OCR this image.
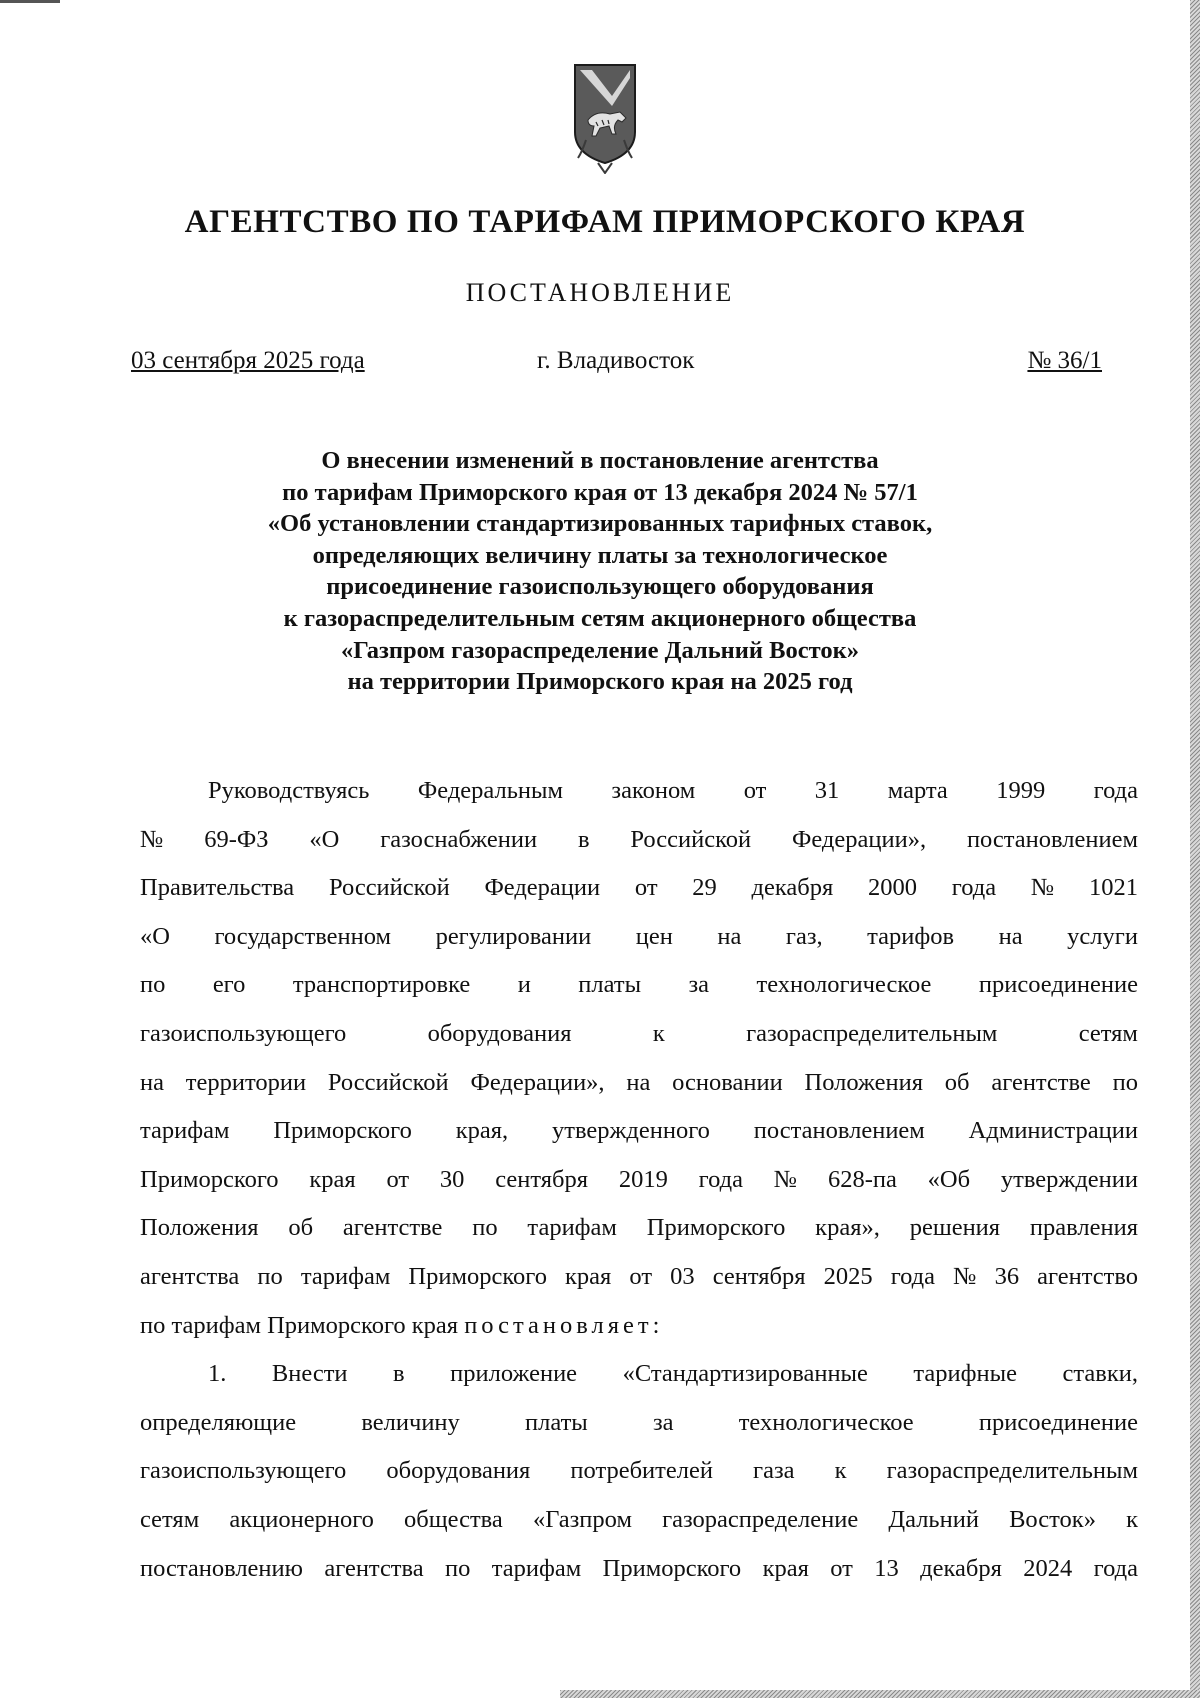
АГЕНТСТВО ПО ТАРИФАМ ПРИМОРСКОГО КРАЯ
ПОСТАНОВЛЕНИЕ
03 сентября 2025 года	г. Владивосток	№ 36/1
О внесении изменений в постановление агентства
по тарифам Приморского края от 13 декабря 2024 № 57/1
«Об установлении стандартизированных тарифных ставок,
определяющих величину платы за технологическое
присоединение газоиспользующего оборудования
к газораспределительным сетям акционерного общества
«Газпром газораспределение Дальний Восток»
на территории Приморского края на 2025 год
Руководствуясь Федеральным законом от 31 марта 1999 года
№ 69-ФЗ «О газоснабжении в Российской Федерации», постановлением
Правительства Российской Федерации от 29 декабря 2000 года № 1021
«О государственном регулировании цен на газ, тарифов на услуги
по его транспортировке и платы за технологическое присоединение
газоиспользующего	оборудования	к	газораспределительным	сетям
на территории Российской Федерации», на основании Положения об агентстве по
тарифам Приморского края, утвержденного постановлением Администрации
Приморского края от 30 сентября 2019 года № 628-па «Об утверждении
Положения об агентстве по тарифам Приморского края», решения правления
агентства по тарифам Приморского края от 03 сентября 2025 года № 36 агентство
по тарифам Приморского края постановляет:
1. Внести в приложение «Стандартизированные тарифные ставки,
определяющие	величину	платы	за	технологическое	присоединение
газоиспользующего оборудования потребителей газа к газораспределительным
сетям акционерного общества «Газпром газораспределение Дальний Восток» к
постановлению агентства по тарифам Приморского края от 13 декабря 2024 года
